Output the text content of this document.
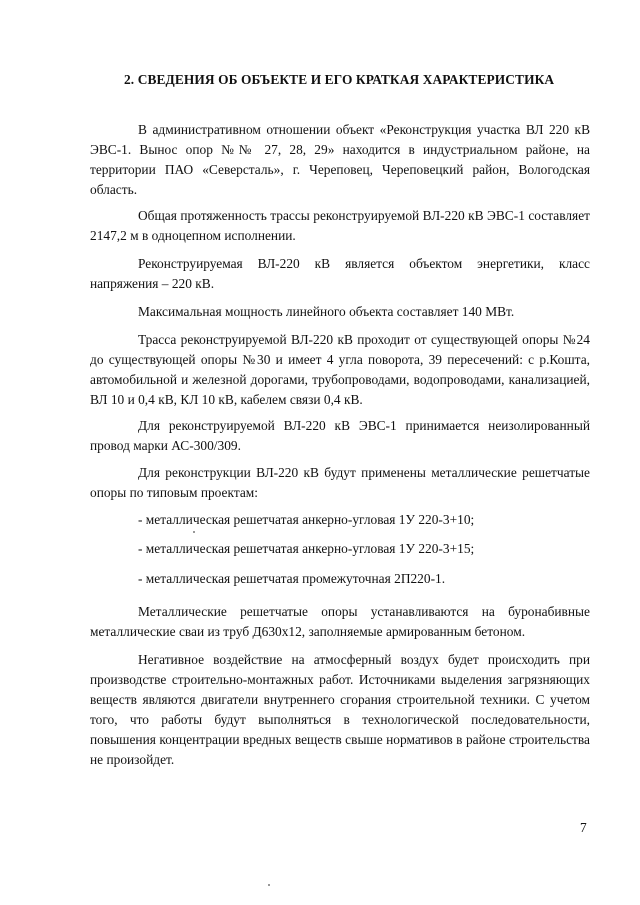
2. СВЕДЕНИЯ ОБ ОБЪЕКТЕ И ЕГО КРАТКАЯ ХАРАКТЕРИСТИКА
В административном отношении объект «Реконструкция участка ВЛ 220 кВ ЭВС-1. Вынос опор №№ 27, 28, 29» находится в индустриальном районе, на территории ПАО «Северсталь», г. Череповец, Череповецкий район, Вологодская область.
Общая протяженность трассы реконструируемой ВЛ-220 кВ ЭВС-1 составляет 2147,2 м в одноцепном исполнении.
Реконструируемая ВЛ-220 кВ является объектом энергетики, класс напряжения – 220 кВ.
Максимальная мощность линейного объекта составляет 140 МВт.
Трасса реконструируемой ВЛ-220 кВ проходит от существующей опоры №24 до существующей опоры №30 и имеет 4 угла поворота, 39 пересечений: с р.Кошта, автомобильной и железной дорогами, трубопроводами, водопроводами, канализацией, ВЛ 10 и 0,4 кВ, КЛ 10 кВ, кабелем связи 0,4 кВ.
Для реконструируемой ВЛ-220 кВ ЭВС-1 принимается неизолированный провод марки АС-300/309.
Для реконструкции ВЛ-220 кВ будут применены металлические решетчатые опоры по типовым проектам:
- металлическая решетчатая анкерно-угловая 1У 220-3+10;
- металлическая решетчатая анкерно-угловая 1У 220-3+15;
- металлическая решетчатая промежуточная 2П220-1.
Металлические решетчатые опоры устанавливаются на буронабивные металлические сваи из труб Д630х12, заполняемые армированным бетоном.
Негативное воздействие на атмосферный воздух будет происходить при производстве строительно-монтажных работ. Источниками выделения загрязняющих веществ являются двигатели внутреннего сгорания строительной техники. С учетом того, что работы будут выполняться в технологической последовательности, повышения концентрации вредных веществ свыше нормативов в районе строительства не произойдет.
7
